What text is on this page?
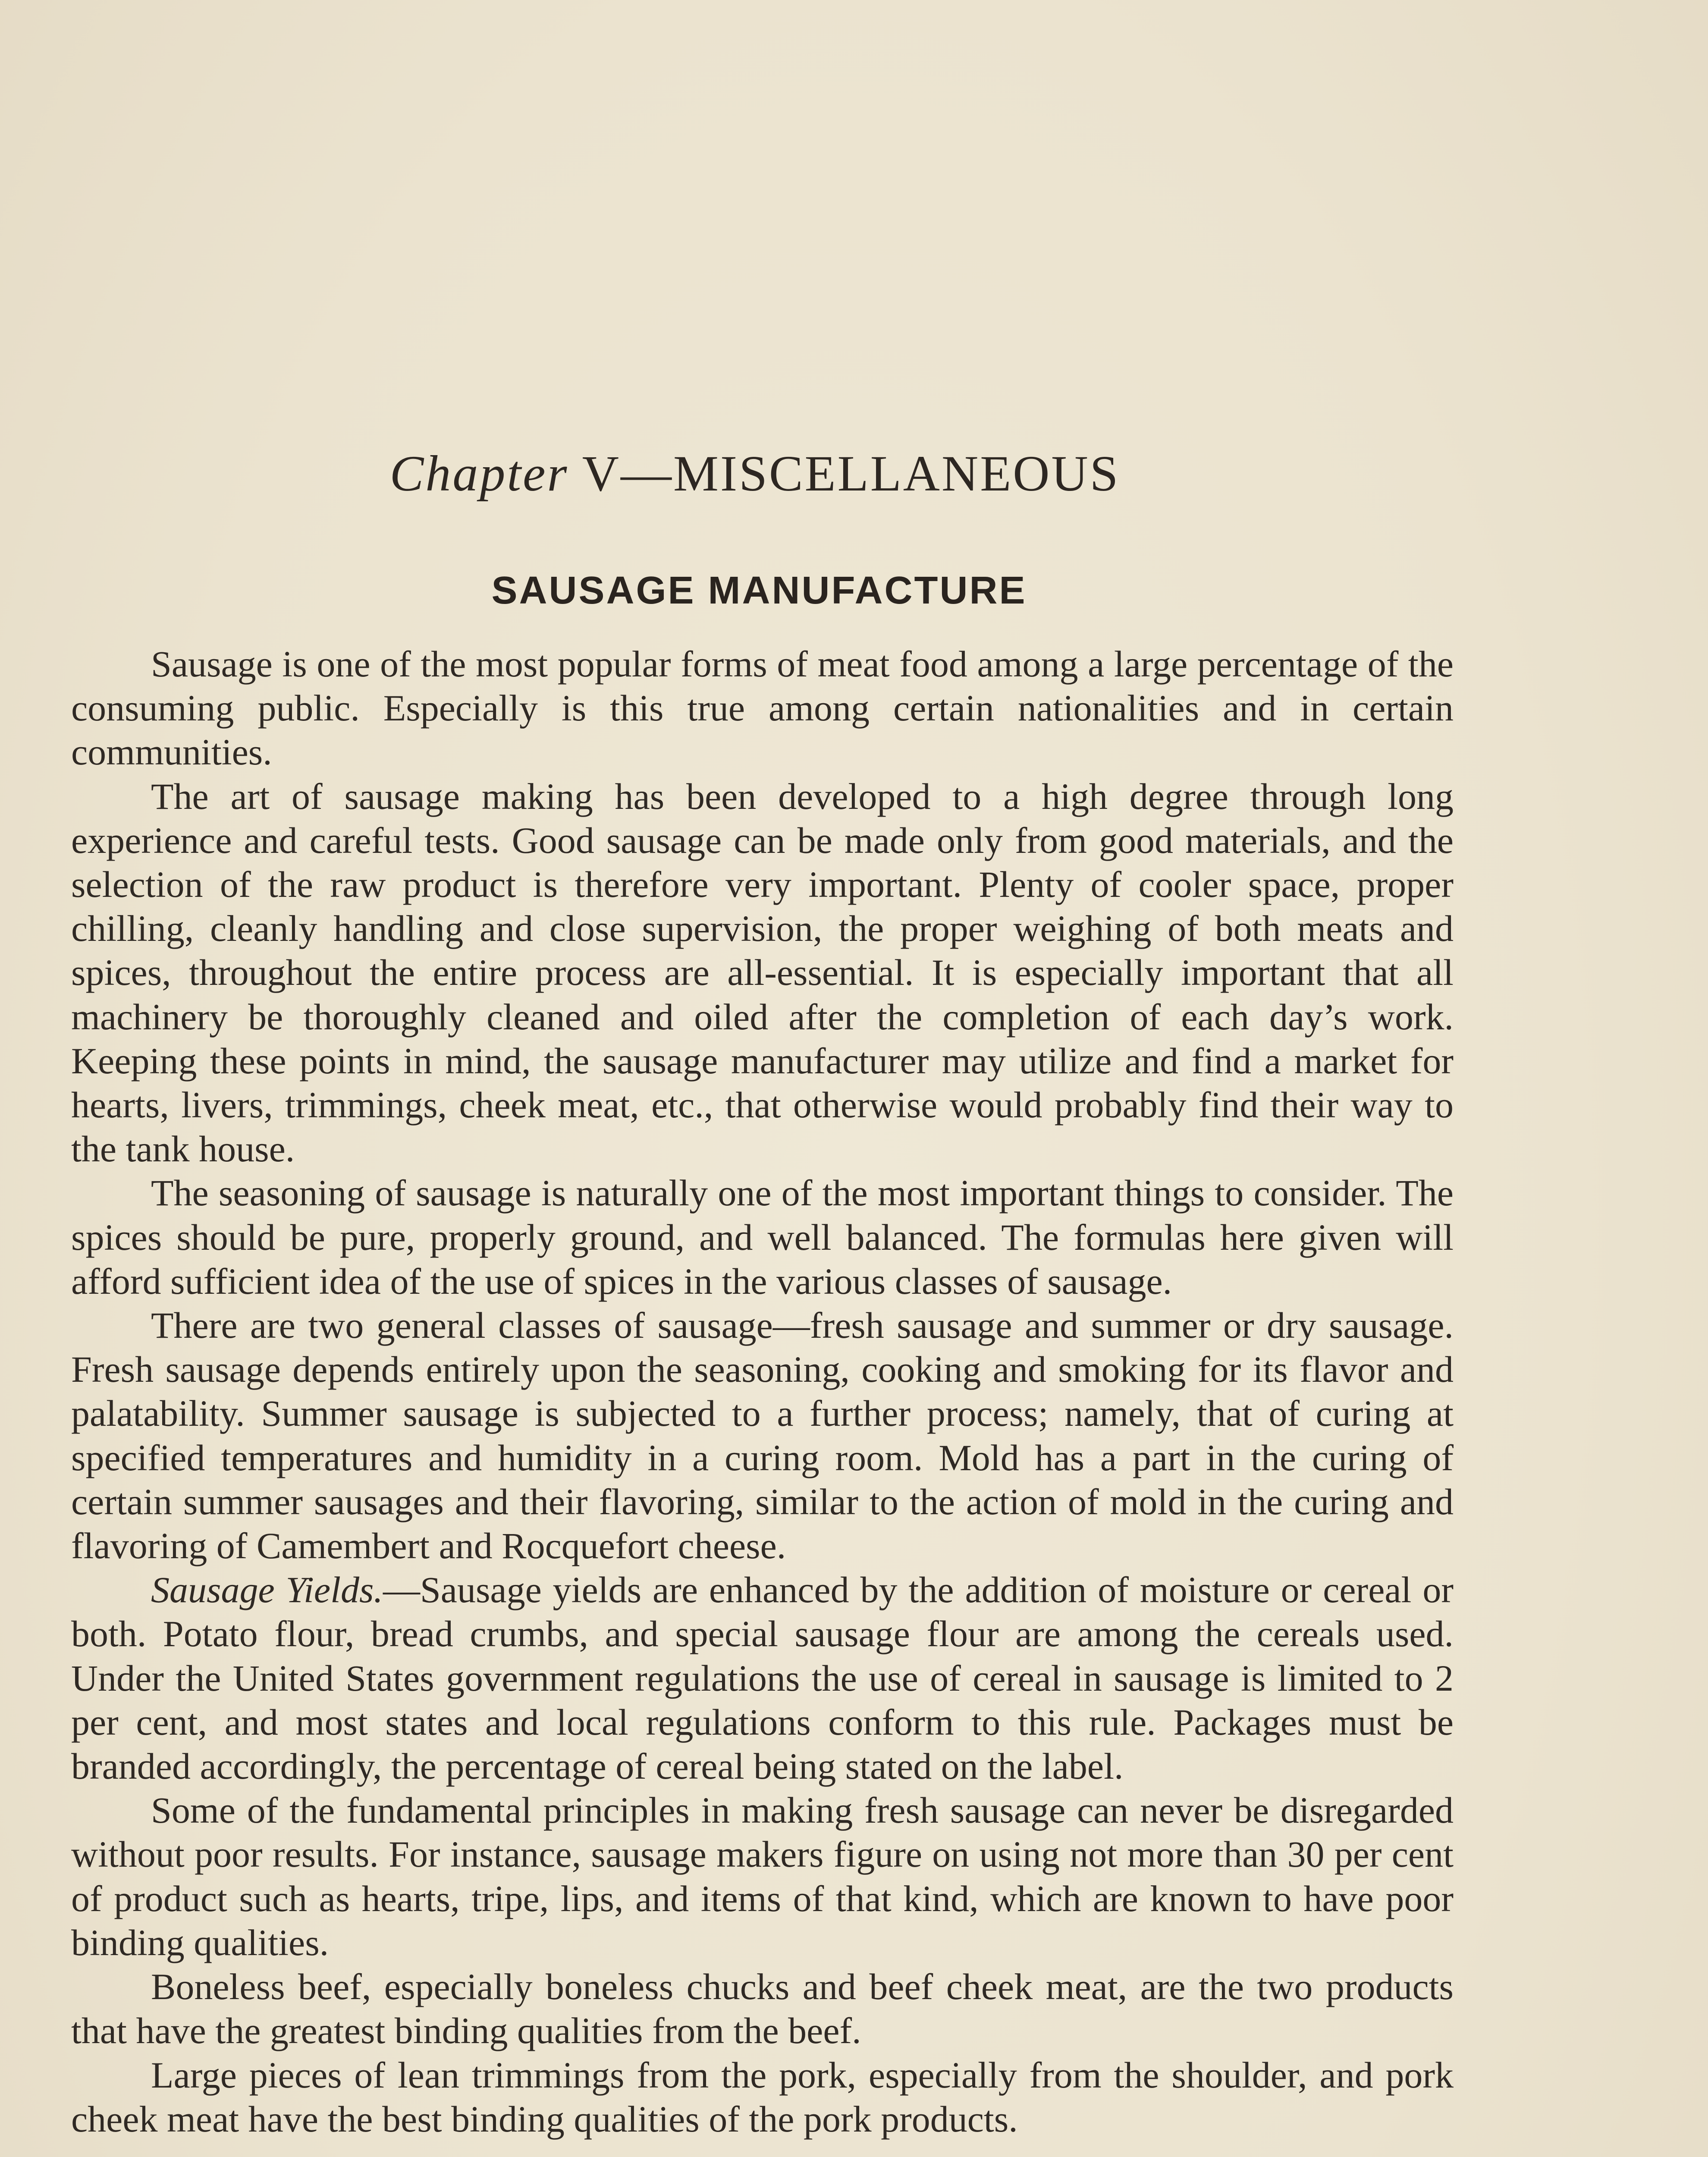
Chapter V—MISCELLANEOUS
SAUSAGE MANUFACTURE

Sausage is one of the most popular forms of meat food among a large percentage of the consuming public. Especially is this true among certain nationalities and in certain communities.

The art of sausage making has been developed to a high degree through long experience and careful tests. Good sausage can be made only from good materials, and the selection of the raw product is therefore very important. Plenty of cooler space, proper chilling, cleanly handling and close supervision, the proper weighing of both meats and spices, throughout the entire process are all-essential. It is especially important that all machinery be thoroughly cleaned and oiled after the completion of each day’s work. Keeping these points in mind, the sausage manufacturer may utilize and find a market for hearts, livers, trimmings, cheek meat, etc., that otherwise would probably find their way to the tank house.

The seasoning of sausage is naturally one of the most important things to consider. The spices should be pure, properly ground, and well balanced. The formulas here given will afford sufficient idea of the use of spices in the various classes of sausage.

There are two general classes of sausage—fresh sausage and summer or dry sausage. Fresh sausage depends entirely upon the seasoning, cooking and smoking for its flavor and palatability. Summer sausage is subjected to a further process; namely, that of curing at specified temperatures and humidity in a curing room. Mold has a part in the curing of certain summer sausages and their flavoring, similar to the action of mold in the curing and flavoring of Camembert and Rocquefort cheese.

Sausage Yields.—Sausage yields are enhanced by the addition of moisture or cereal or both. Potato flour, bread crumbs, and special sausage flour are among the cereals used. Under the United States government regulations the use of cereal in sausage is limited to 2 per cent, and most states and local regulations conform to this rule. Packages must be branded accordingly, the percentage of cereal being stated on the label.

Some of the fundamental principles in making fresh sausage can never be disregarded without poor results. For instance, sausage makers figure on using not more than 30 per cent of product such as hearts, tripe, lips, and items of that kind, which are known to have poor binding qualities.

Boneless beef, especially boneless chucks and beef cheek meat, are the two products that have the greatest binding qualities from the beef.

Large pieces of lean trimmings from the pork, especially from the shoulder, and pork cheek meat have the best binding qualities of the pork products.
